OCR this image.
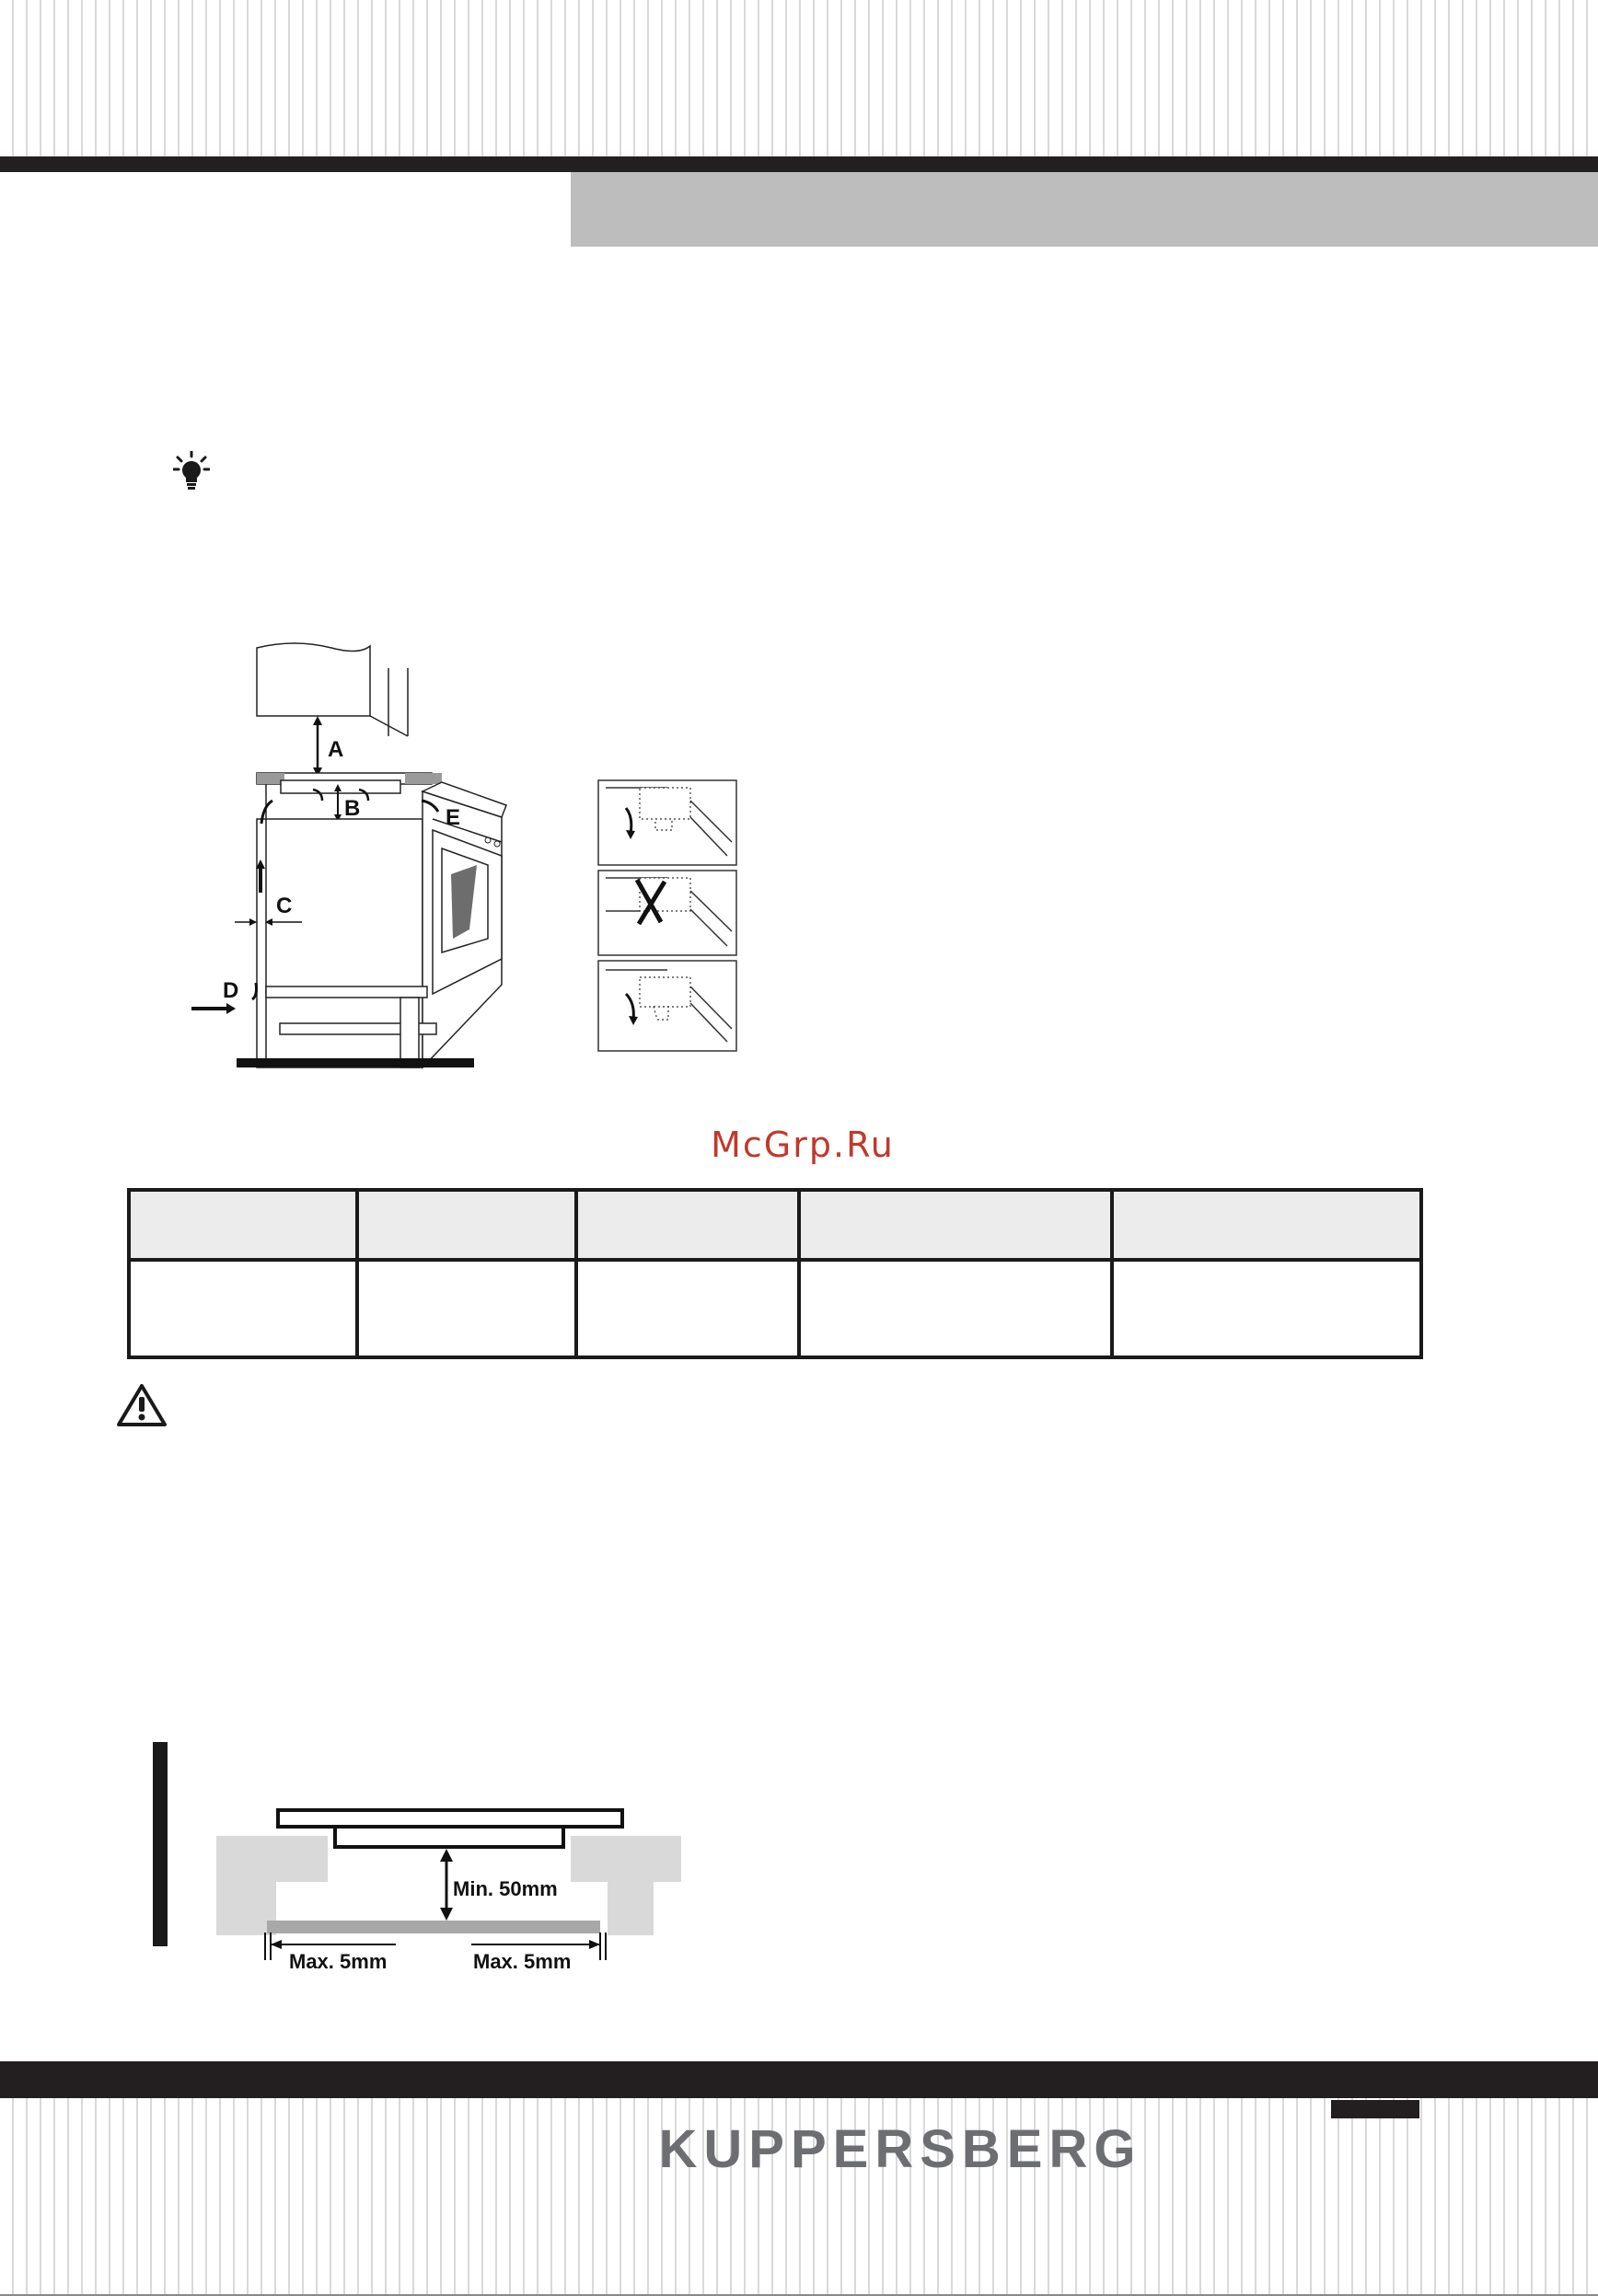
A
B	E
C
D
McGrp.Ru

Min. 50mm
Max. 5mm	Max. 5mm
KUPPERSBERG
